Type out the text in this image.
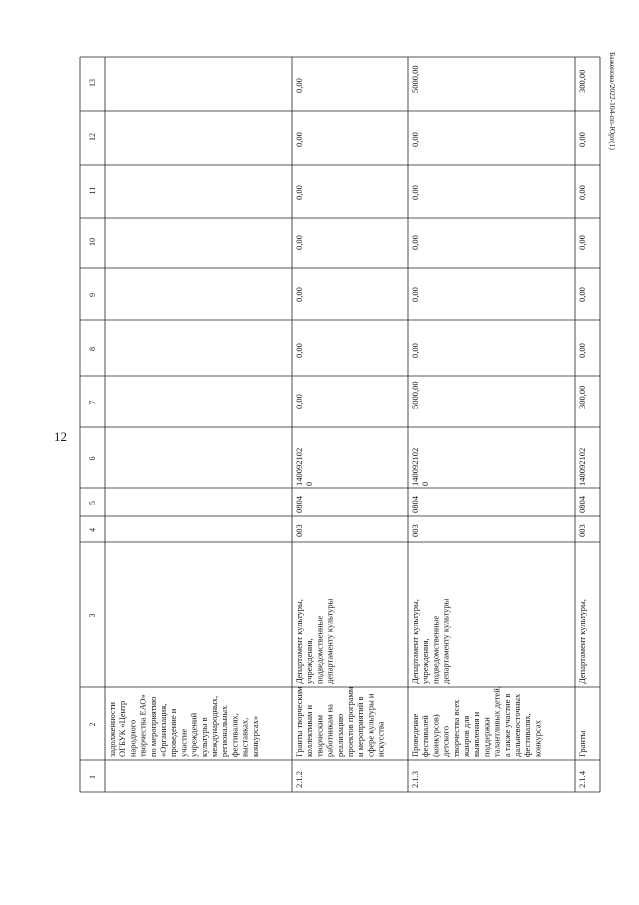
12
Баженова/2022-104-пп-Юрт(1)
1
2
3
4
5
6
7
8
9
10
11
12
13
задолженности ОГБУК «Центр народного творчества ЕАО» по мероприятию «Организация, проведение и участие учреждений культуры в международных, региональных фестивалях, выставках, конкурсах»
2.1.2
Гранты творческим коллективам и творческим работникам на реализацию проектов программ и мероприятий в сфере культуры и искусства
Департамент культуры, учреждения, подведомственные департаменту культуры
003
0804
140092102 0
0,00
0,00
0,00
0,00
0,00
0,00
0,00
2.1.3
Проведение фестивалей (конкурсов) детского творчества всех жанров для выявления и поддержки талантливых детей, а также участие в дальневосточных фестивалях, конкурсах
Департамент культуры, учреждения, подведомственные департаменту культуры
003
0804
140092102 0
5000,00
0,00
0,00
0,00
0,00
0,00
5000,00
2.1.4
Гранты
Департамент культуры,
003
0804
140092102
300,00
0,00
0,00
0,00
0,00
0,00
300,00
